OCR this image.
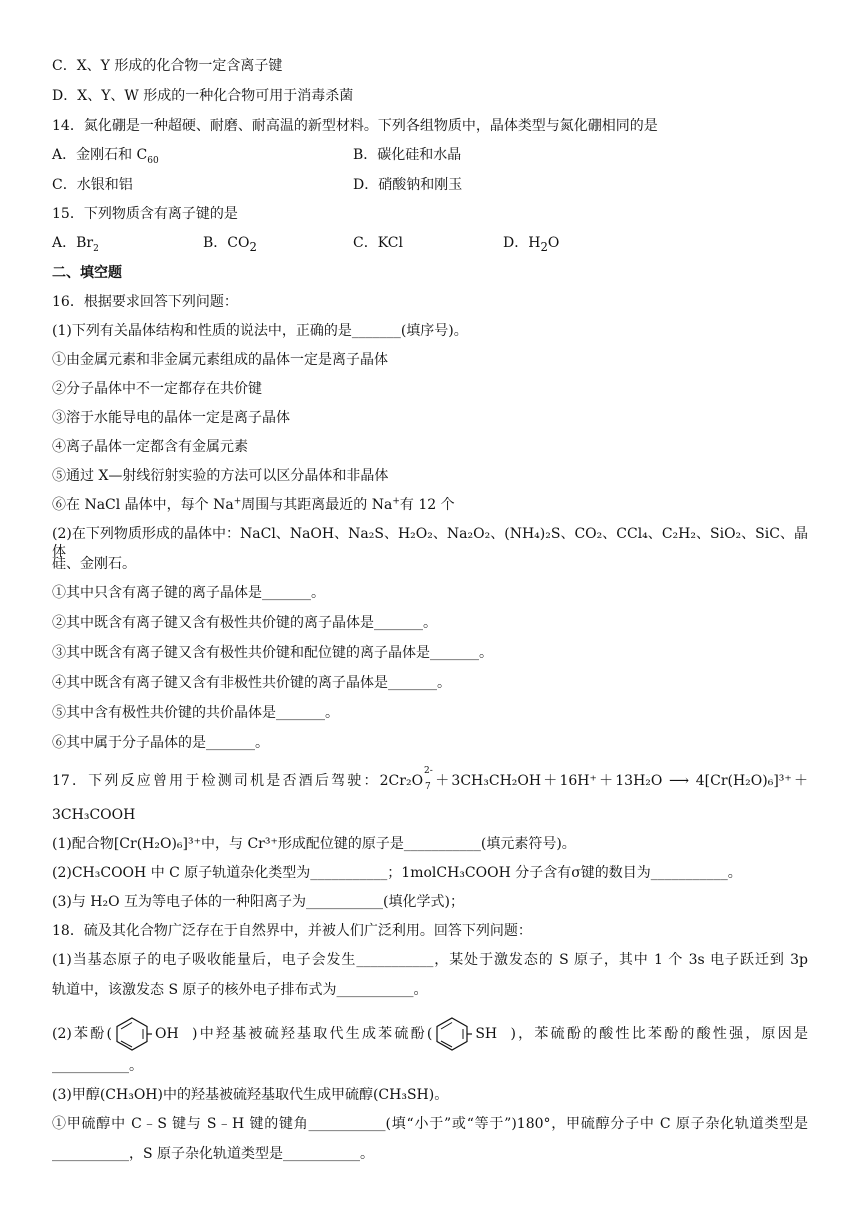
C．X、Y 形成的化合物一定含离子键
D．X、Y、W 形成的一种化合物可用于消毒杀菌
14．氮化硼是一种超硬、耐磨、耐高温的新型材料。下列各组物质中，晶体类型与氮化硼相同的是
A．金刚石和 $C_{60}$	B．碳化硅和水晶
C．水银和铝	D．硝酸钠和刚玉
15．下列物质含有离子键的是
A．$Br_2$	B．$CO_2$	C．KCl	D．$H_2O$
二、填空题
16．根据要求回答下列问题：
(1)下列有关晶体结构和性质的说法中，正确的是_______(填序号)。
①由金属元素和非金属元素组成的晶体一定是离子晶体
②分子晶体中不一定都存在共价键
③溶于水能导电的晶体一定是离子晶体
④离子晶体一定都含有金属元素
⑤通过 X—射线衍射实验的方法可以区分晶体和非晶体
⑥在 NaCl 晶体中，每个 Na+周围与其距离最近的 Na+有 12 个
(2)在下列物质形成的晶体中：NaCl、NaOH、Na₂S、H₂O₂、Na₂O₂、(NH₄)₂S、CO₂、CCl₄、C₂H₂、SiO₂、SiC、晶体
硅、金刚石。
①其中只含有离子键的离子晶体是_______。
②其中既含有离子键又含有极性共价键的离子晶体是_______。
③其中既含有离子键又含有极性共价键和配位键的离子晶体是_______。
④其中既含有离子键又含有非极性共价键的离子晶体是_______。
⑤其中含有极性共价键的共价晶体是_______。
⑥其中属于分子晶体的是_______。
17．下列反应曾用于检测司机是否酒后驾驶：2Cr₂O
2-
7 ＋3CH₃CH₂OH＋16H⁺＋13H₂O ⟶ 4[Cr(H₂O)₆]³⁺＋
3CH₃COOH
(1)配合物[Cr(H₂O)₆]³⁺中，与 Cr³⁺形成配位键的原子是___________(填元素符号)。
(2)CH₃COOH 中 C 原子轨道杂化类型为___________；1molCH₃COOH 分子含有σ键的数目为___________。
(3)与 H₂O 互为等电子体的一种阳离子为___________(填化学式)；
18．硫及其化合物广泛存在于自然界中，并被人们广泛利用。回答下列问题：
(1)当基态原子的电子吸收能量后，电子会发生___________，某处于激发态的 S 原子，其中 1 个 3s 电子跃迁到 3p
轨道中，该激发态 S 原子的核外电子排布式为___________。
(2)苯酚(	OH )中羟基被硫羟基取代生成苯硫酚(	SH )，苯硫酚的酸性比苯酚的酸性强，原因是
___________。
(3)甲醇(CH₃OH)中的羟基被硫羟基取代生成甲硫醇(CH₃SH)。
①甲硫醇中 C﹣S 键与 S﹣H 键的键角___________(填“小于”或“等于”)180°，甲硫醇分子中 C 原子杂化轨道类型是
___________，S 原子杂化轨道类型是___________。
